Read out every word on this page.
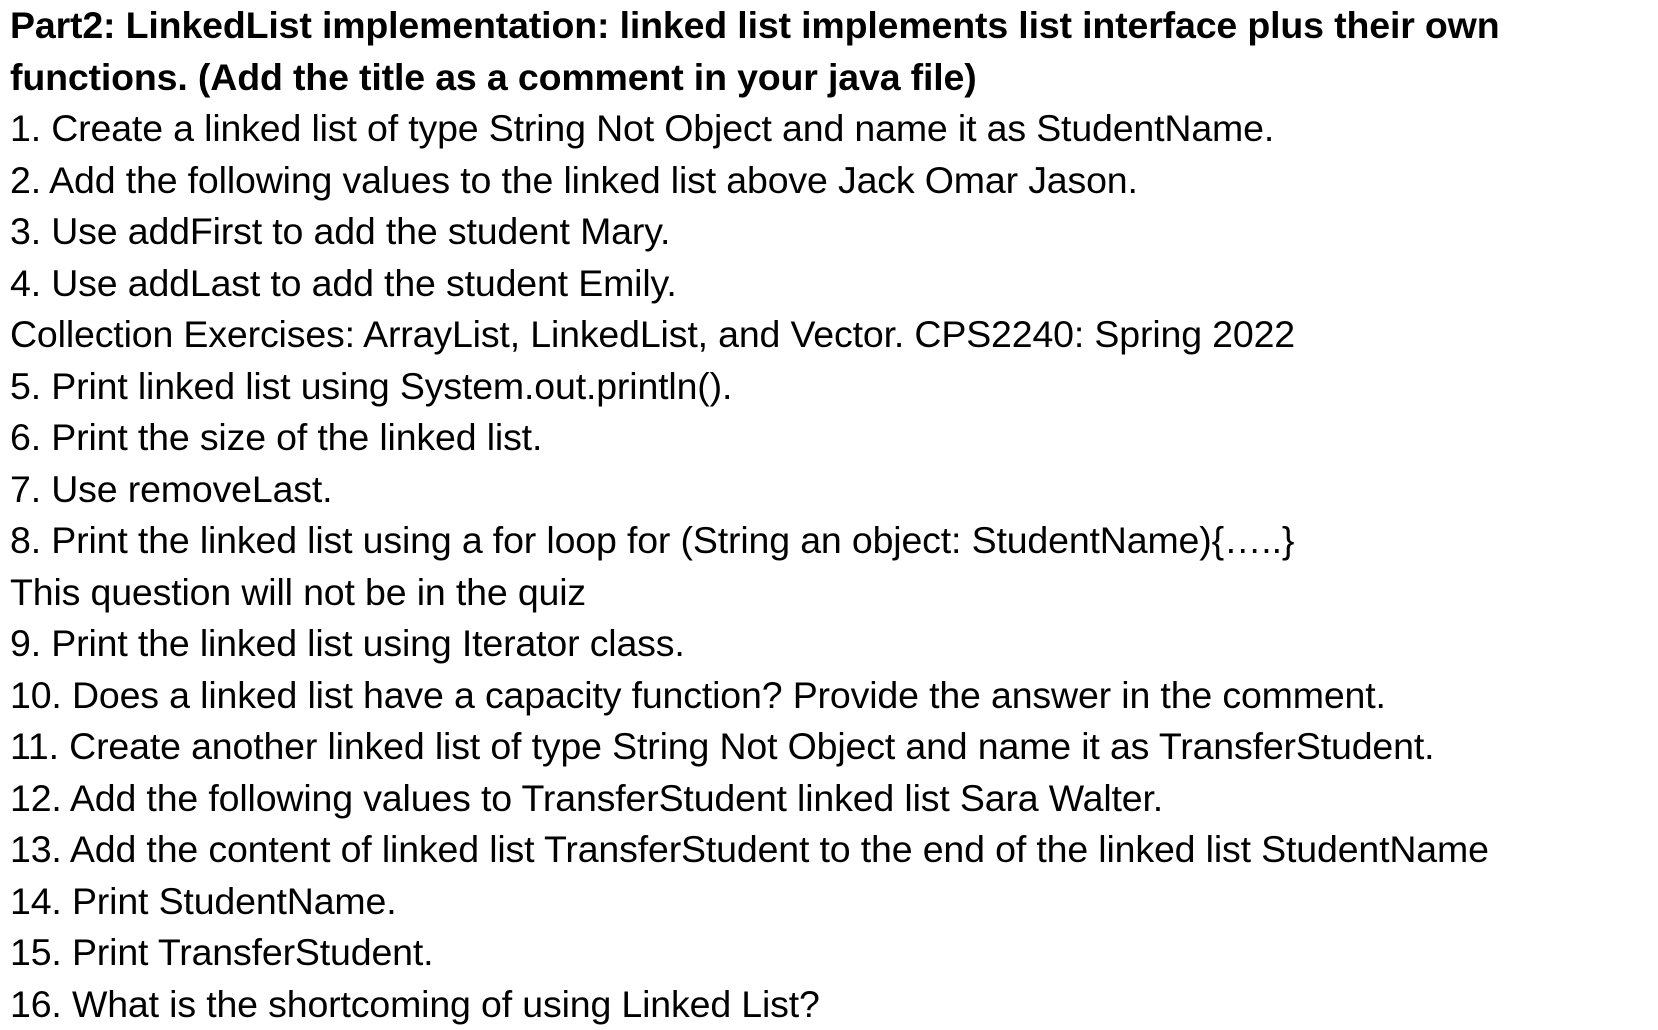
Part2: LinkedList implementation: linked list implements list interface plus their own
functions. (Add the title as a comment in your java file)
1. Create a linked list of type String Not Object and name it as StudentName.
2. Add the following values to the linked list above Jack Omar Jason.
3. Use addFirst to add the student Mary.
4. Use addLast to add the student Emily.
Collection Exercises: ArrayList, LinkedList, and Vector. CPS2240: Spring 2022
5. Print linked list using System.out.println().
6. Print the size of the linked list.
7. Use removeLast.
8. Print the linked list using a for loop for (String an object: StudentName){…..}
This question will not be in the quiz
9. Print the linked list using Iterator class.
10. Does a linked list have a capacity function? Provide the answer in the comment.
11. Create another linked list of type String Not Object and name it as TransferStudent.
12. Add the following values to TransferStudent linked list Sara Walter.
13. Add the content of linked list TransferStudent to the end of the linked list StudentName
14. Print StudentName.
15. Print TransferStudent.
16. What is the shortcoming of using Linked List?
